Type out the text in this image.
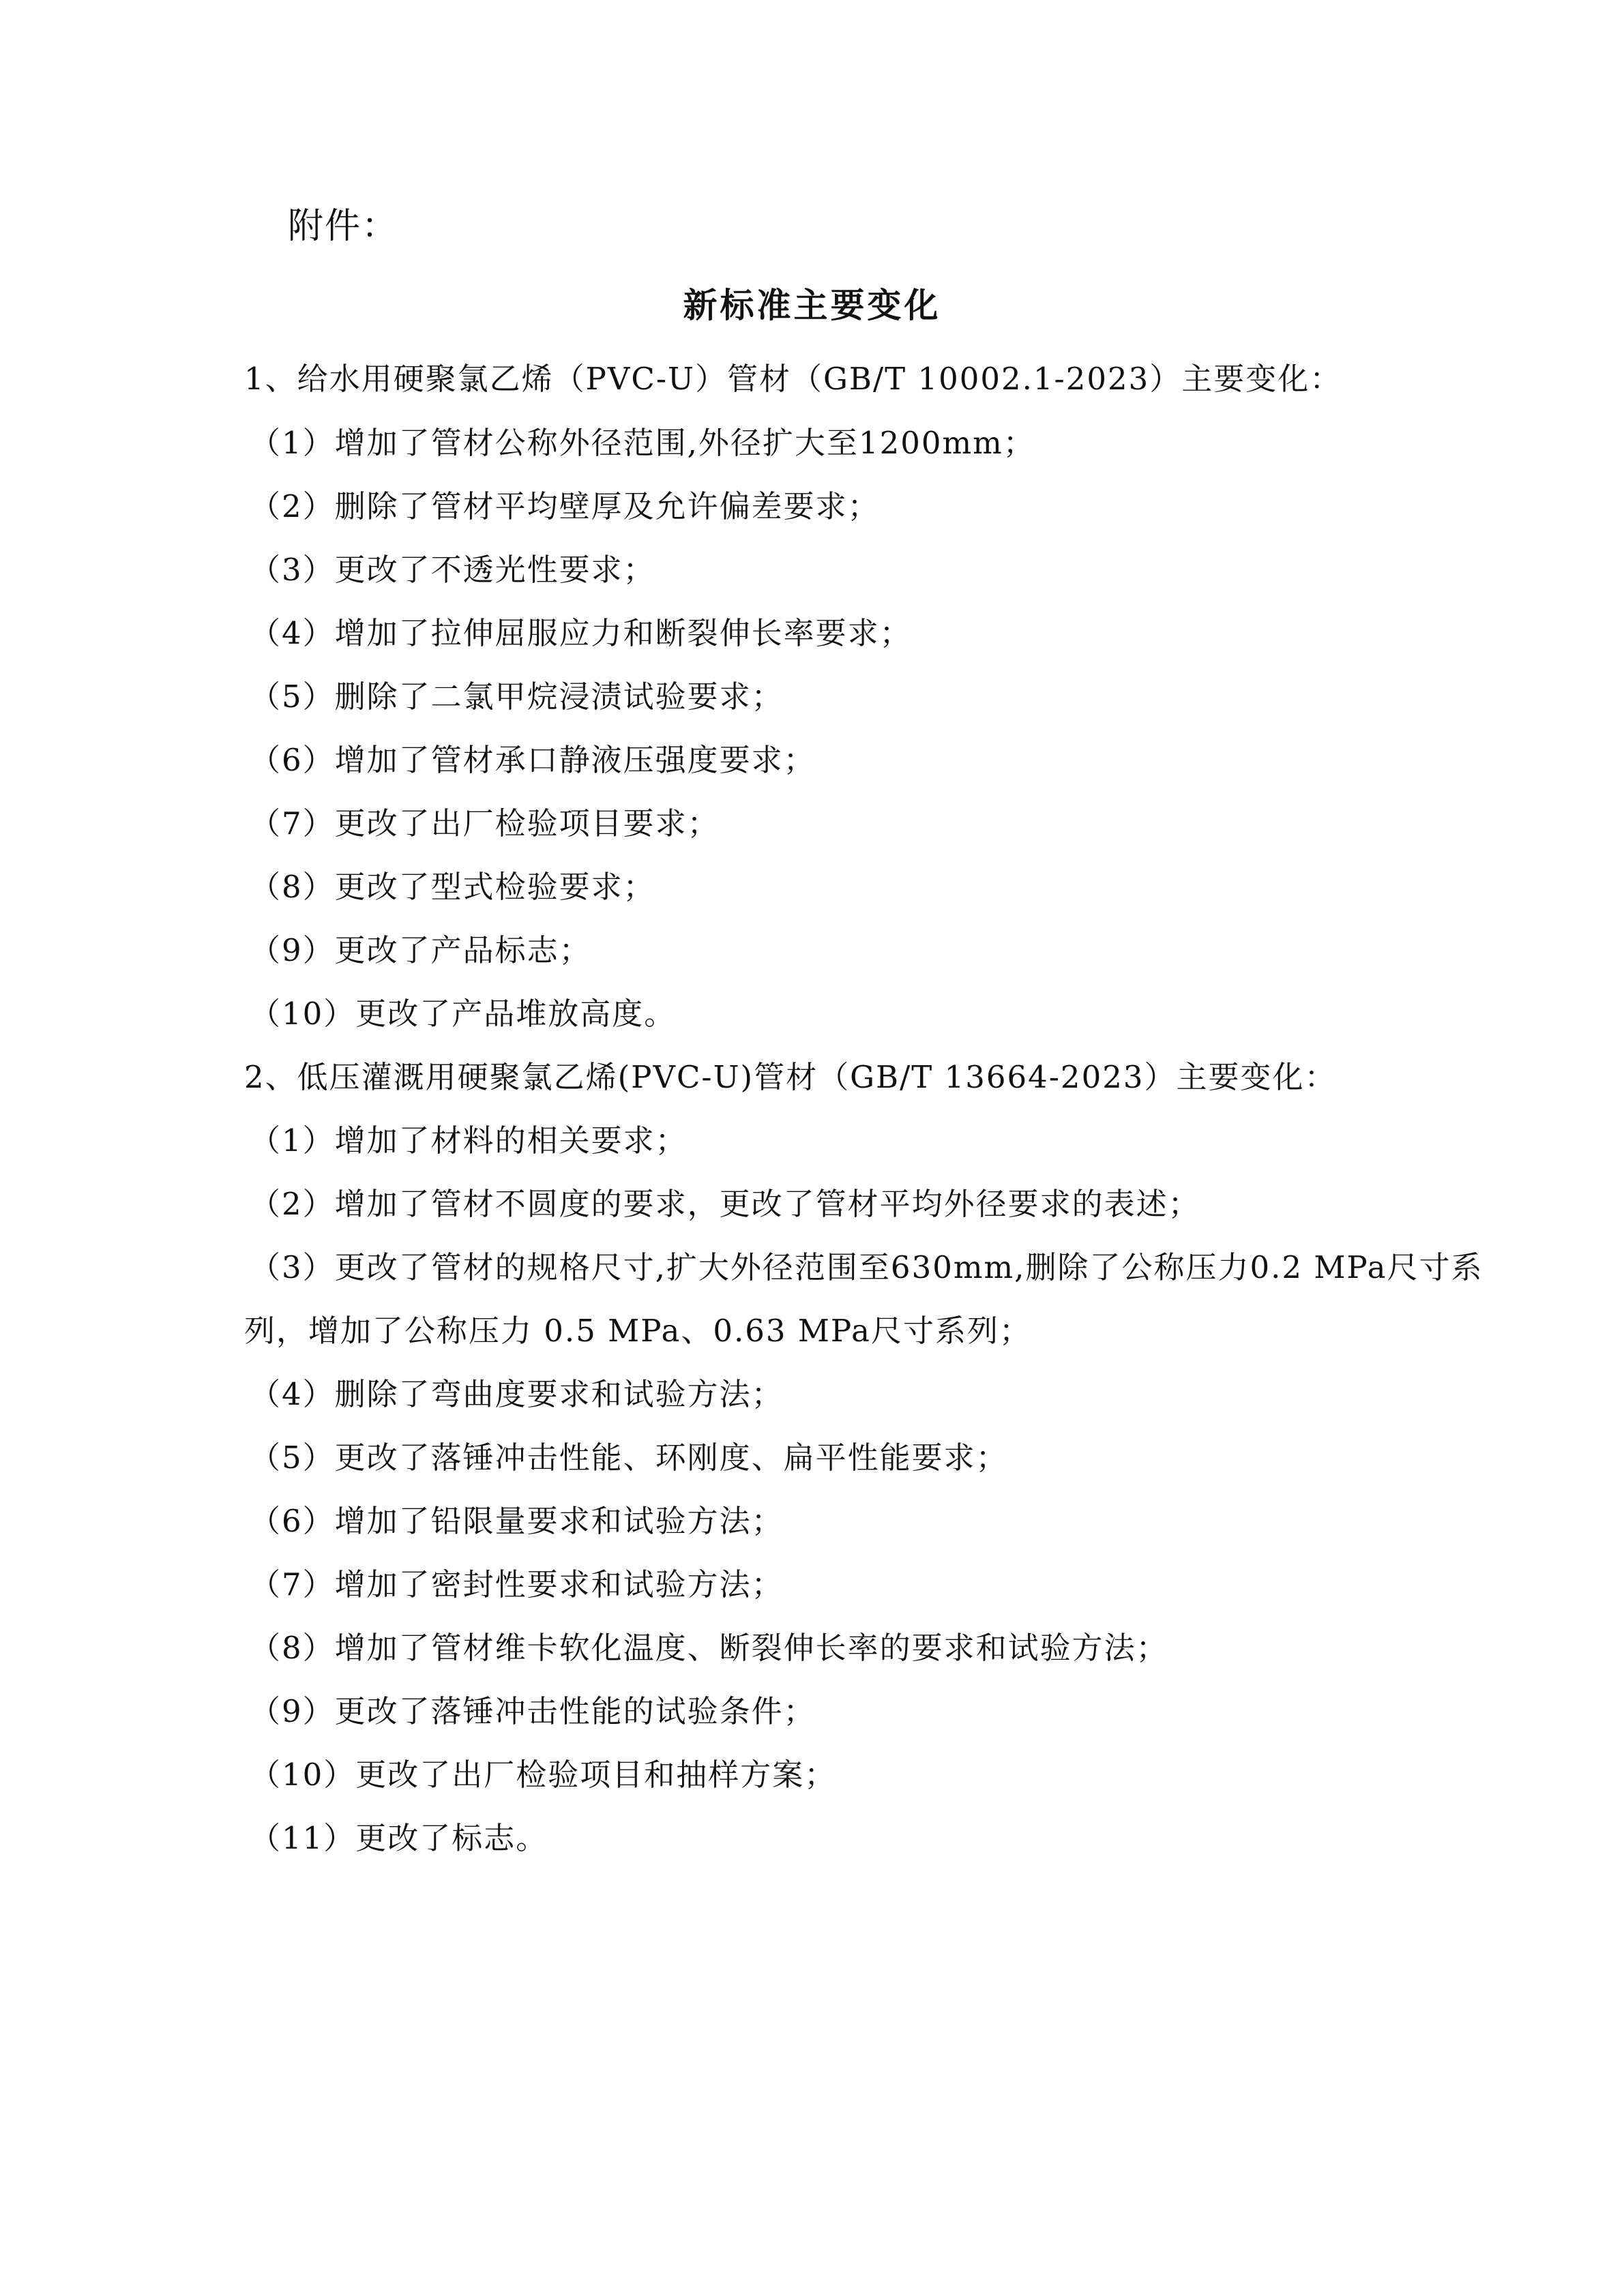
附件：
新标准主要变化
1、给水用硬聚氯乙烯（PVC-U）管材（GB/T 10002.1-2023）主要变化：
（1）增加了管材公称外径范围,外径扩大至1200mm；
（2）删除了管材平均壁厚及允许偏差要求；
（3）更改了不透光性要求；
（4）增加了拉伸屈服应力和断裂伸长率要求；
（5）删除了二氯甲烷浸渍试验要求；
（6）增加了管材承口静液压强度要求；
（7）更改了出厂检验项目要求；
（8）更改了型式检验要求；
（9）更改了产品标志；
（10）更改了产品堆放高度。
2、低压灌溉用硬聚氯乙烯(PVC-U)管材（GB/T 13664-2023）主要变化：
（1）增加了材料的相关要求；
（2）增加了管材不圆度的要求，更改了管材平均外径要求的表述；
（3）更改了管材的规格尺寸,扩大外径范围至630mm,删除了公称压力0.2 MPa尺寸系
列，增加了公称压力 0.5 MPa、0.63 MPa尺寸系列；
（4）删除了弯曲度要求和试验方法；
（5）更改了落锤冲击性能、环刚度、扁平性能要求；
（6）增加了铅限量要求和试验方法；
（7）增加了密封性要求和试验方法；
（8）增加了管材维卡软化温度、断裂伸长率的要求和试验方法；
（9）更改了落锤冲击性能的试验条件；
（10）更改了出厂检验项目和抽样方案；
（11）更改了标志。
